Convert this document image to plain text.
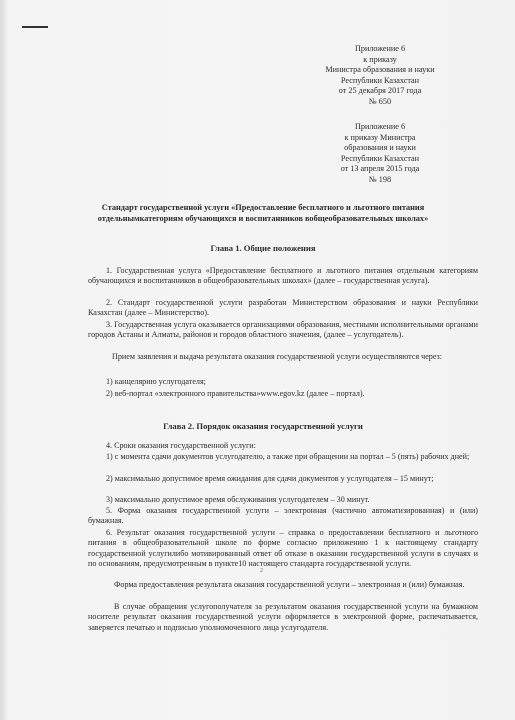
Приложение 6
к приказу
Министра образования и науки
Республики Казахстан
от 25 декабря 2017 года
№ 650
Приложение 6
к приказу Министра
образования и науки
Республики Казахстан
от 13 апреля 2015 года
№ 198
Стандарт государственной услуги «Предоставление бесплатного и льготного питания
отдельнымкатегориям обучающихся и воспитанников вобщеобразовательных школах»
Глава 1. Общие положения
1. Государственная услуга «Предоставление бесплатного и льготного питания отдельным категориям обучающихся и воспитанников в общеобразовательных школах» (далее – государственная услуга).
2. Стандарт государственной услуги разработан Министерством образования и науки Республики Казахстан (далее – Министерство).
3. Государственная услуга оказывается организациями образования, местными исполнительными органами городов Астаны и Алматы, районов и городов областного значения, (далее – услугодатель).
Прием заявления и выдача результата оказания государственной услуги осуществляются через:
1) канцелярию услугодателя;
2) веб-портал «электронного правительства»www.egov.kz (далее – портал).
Глава 2. Порядок оказания государственной услуги
4. Сроки оказания государственной услуги:
1) с момента сдачи документов услугодателю, а также при обращении на портал – 5 (пять) рабочих дней;
2) максимально допустимое время ожидания для сдачи документов у услугодателя – 15 минут;
3) максимально допустимое время обслуживания услугодателем – 30 минут.
5. Форма оказания государственной услуги – электронная (частично автоматизированная) и (или) бумажная.
6. Результат оказания государственной услуги – справка о предоставлении бесплатного и льготного питания в общеобразовательной школе по форме согласно приложению 1 к настоящему стандарту государственной услугилибо мотивированный ответ об отказе в оказании государственной услуги в случаях и по основаниям, предусмотренным в пункте10 настоящего стандарта государственной услуги.
Форма предоставления результата оказания государственной услуги – электронная и (или) бумажная.
В случае обращения услугополучателя за результатом оказания государственной услуги на бумажном носителе результат оказания государственной услуги оформляется в электронной форме, распечатывается, заверяется печатью и подписью уполномоченного лица услугодателя.
2
